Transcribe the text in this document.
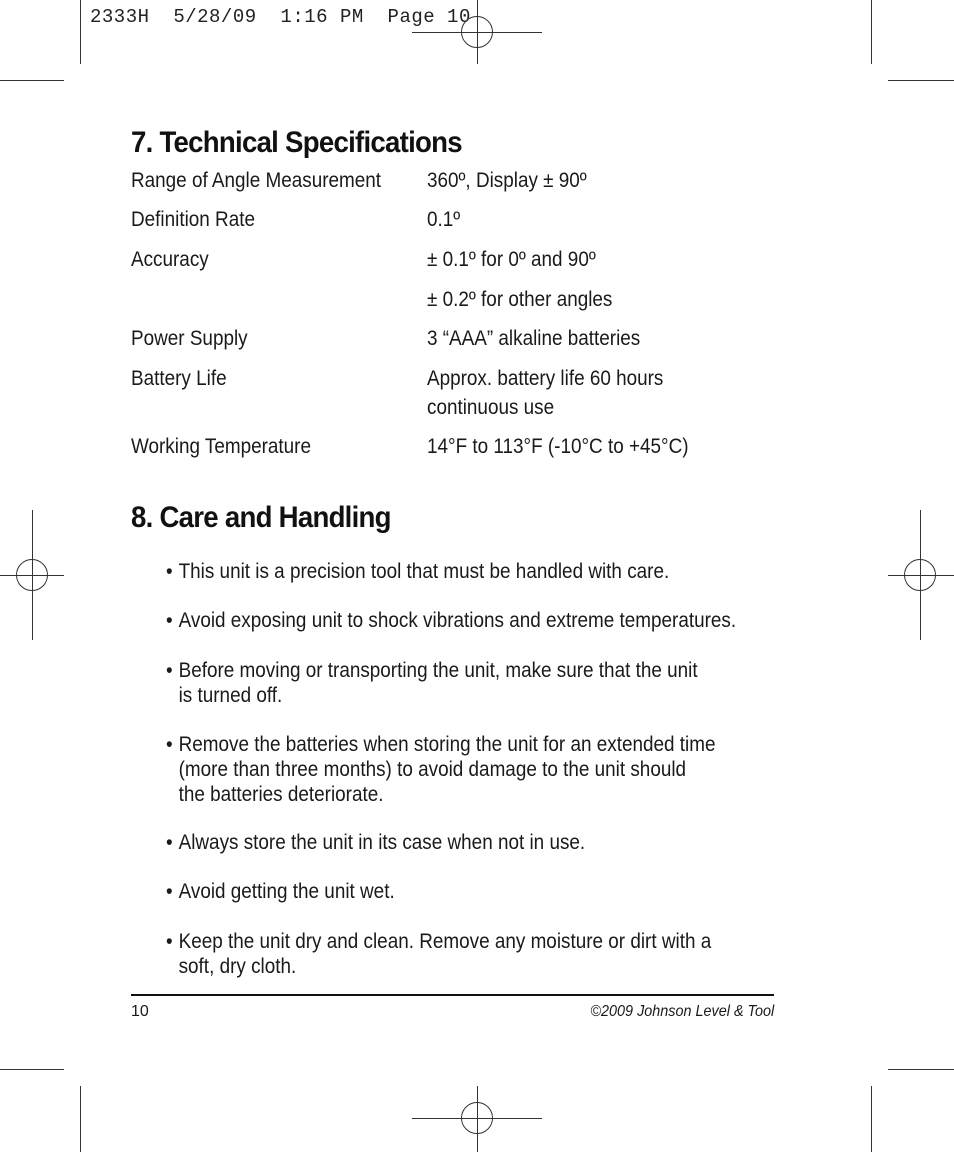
2333H  5/28/09  1:16 PM  Page 10
7. Technical Specifications
Range of Angle Measurement 360º, Display ± 90º
Definition Rate	0.1º
Accuracy	± 0.1º for 0º and 90º
± 0.2º for other angles
Power Supply	3 “AAA” alkaline batteries
Battery Life	Approx. battery life 60 hours
continuous use
Working Temperature	14°F to 113°F (-10°C to +45°C)
8. Care and Handling
• This unit is a precision tool that must be handled with care.
• Avoid exposing unit to shock vibrations and extreme temperatures.
• Before moving or transporting the unit, make sure that the unit
is turned off.
• Remove the batteries when storing the unit for an extended time
(more than three months) to avoid damage to the unit should
the batteries deteriorate.
• Always store the unit in its case when not in use.
• Avoid getting the unit wet.
• Keep the unit dry and clean. Remove any moisture or dirt with a
soft, dry cloth.
10	©2009 Johnson Level & Tool
